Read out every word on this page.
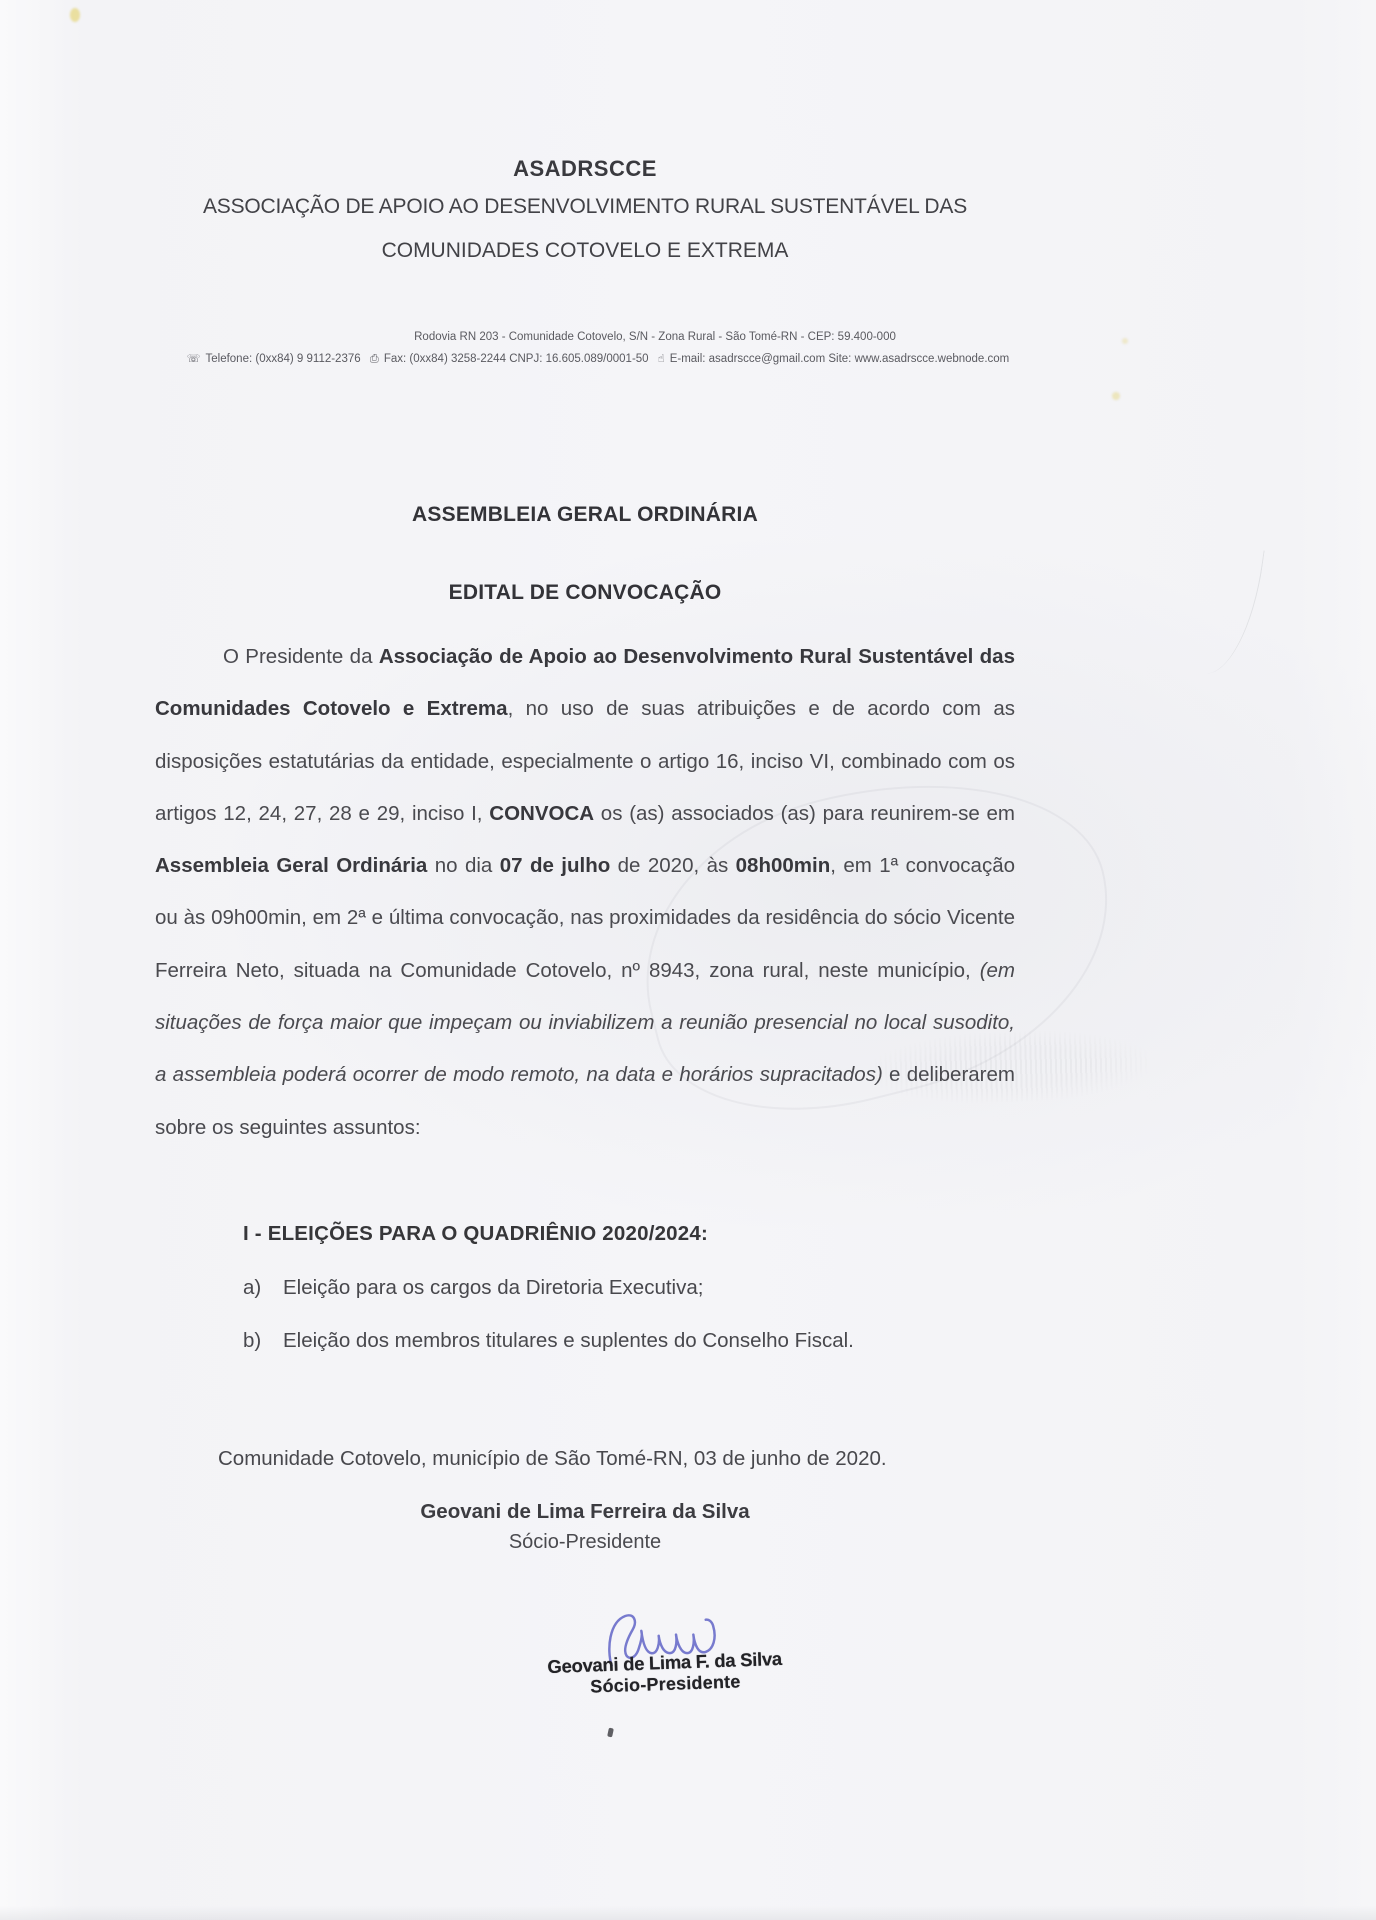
ASADRSCCE
ASSOCIAÇÃO DE APOIO AO DESENVOLVIMENTO RURAL SUSTENTÁVEL DAS
COMUNIDADES COTOVELO E EXTREMA
Rodovia RN 203 - Comunidade Cotovelo, S/N - Zona Rural - São Tomé-RN - CEP: 59.400-000
☏ Telefone: (0xx84) 9 9112-2376 ⎙ Fax: (0xx84) 3258-2244 CNPJ: 16.605.089/0001-50 ☝ E-mail: asadrscce@gmail.com Site: www.asadrscce.webnode.com
ASSEMBLEIA GERAL ORDINÁRIA
EDITAL DE CONVOCAÇÃO

O Presidente da Associação de Apoio ao Desenvolvimento Rural Sustentável das Comunidades Cotovelo e Extrema, no uso de suas atribuições e de acordo com as disposições estatutárias da entidade, especialmente o artigo 16, inciso VI, combinado com os artigos 12, 24, 27, 28 e 29, inciso I, CONVOCA os (as) associados (as) para reunirem-se em Assembleia Geral Ordinária no dia 07 de julho de 2020, às 08h00min, em 1ª convocação ou às 09h00min, em 2ª e última convocação, nas proximidades da residência do sócio Vicente Ferreira Neto, situada na Comunidade Cotovelo, nº 8943, zona rural, neste município, (em situações de força maior que impeçam ou inviabilizem a reunião presencial no local susodito, a assembleia poderá ocorrer de modo remoto, na data e horários supracitados) e deliberarem sobre os seguintes assuntos:

I - ELEIÇÕES PARA O QUADRIÊNIO 2020/2024:
a) Eleição para os cargos da Diretoria Executiva;
b) Eleição dos membros titulares e suplentes do Conselho Fiscal.
Comunidade Cotovelo, município de São Tomé-RN, 03 de junho de 2020.
Geovani de Lima Ferreira da Silva
Sócio-Presidente
Geovani de Lima F. da Silva
Sócio-Presidente
